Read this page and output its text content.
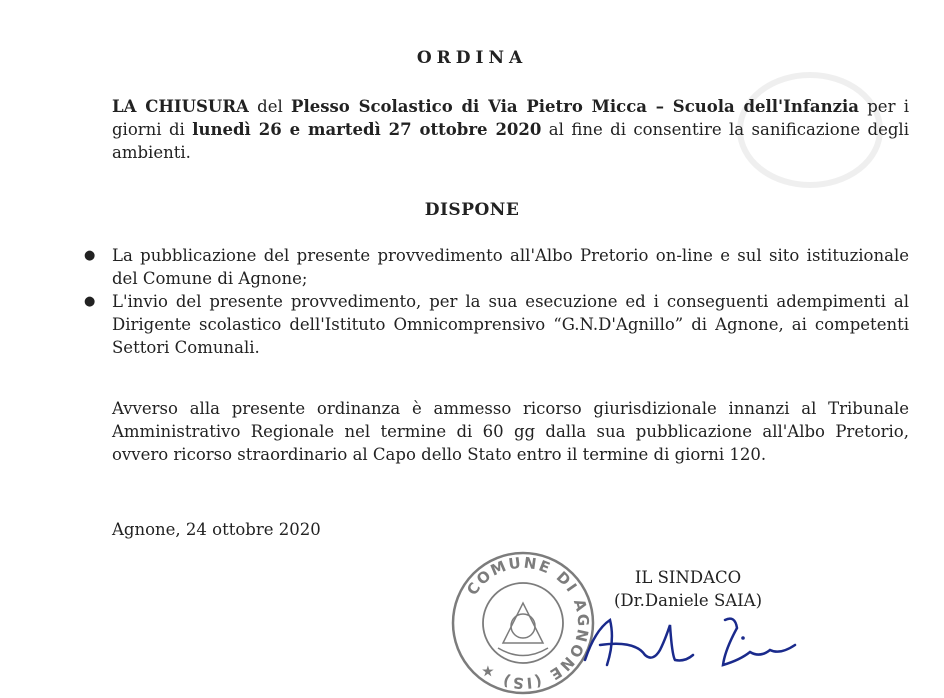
ORDINA

LA CHIUSURA del Plesso Scolastico di Via Pietro Micca – Scuola dell'Infanzia per i giorni di lunedì 26 e martedì 27 ottobre 2020 al fine di consentire la sanificazione degli ambienti.

DISPONE
● La pubblicazione del presente provvedimento all'Albo Pretorio on-line e sul sito istituzionale del Comune di Agnone;
● L'invio del presente provvedimento, per la sua esecuzione ed i conseguenti adempimenti al Dirigente scolastico dell'Istituto Omnicomprensivo “G.N.D'Agnillo” di Agnone, ai competenti Settori Comunali.

Avverso alla presente ordinanza è ammesso ricorso giurisdizionale innanzi al Tribunale Amministrativo Regionale nel termine di 60 gg dalla sua pubblicazione all'Albo Pretorio, ovvero ricorso straordinario al Capo dello Stato entro il termine di giorni 120.

Agnone, 24 ottobre 2020

COMUNE DI AGNONE (IS) ★
IL SINDACO
(Dr.Daniele SAIA)
